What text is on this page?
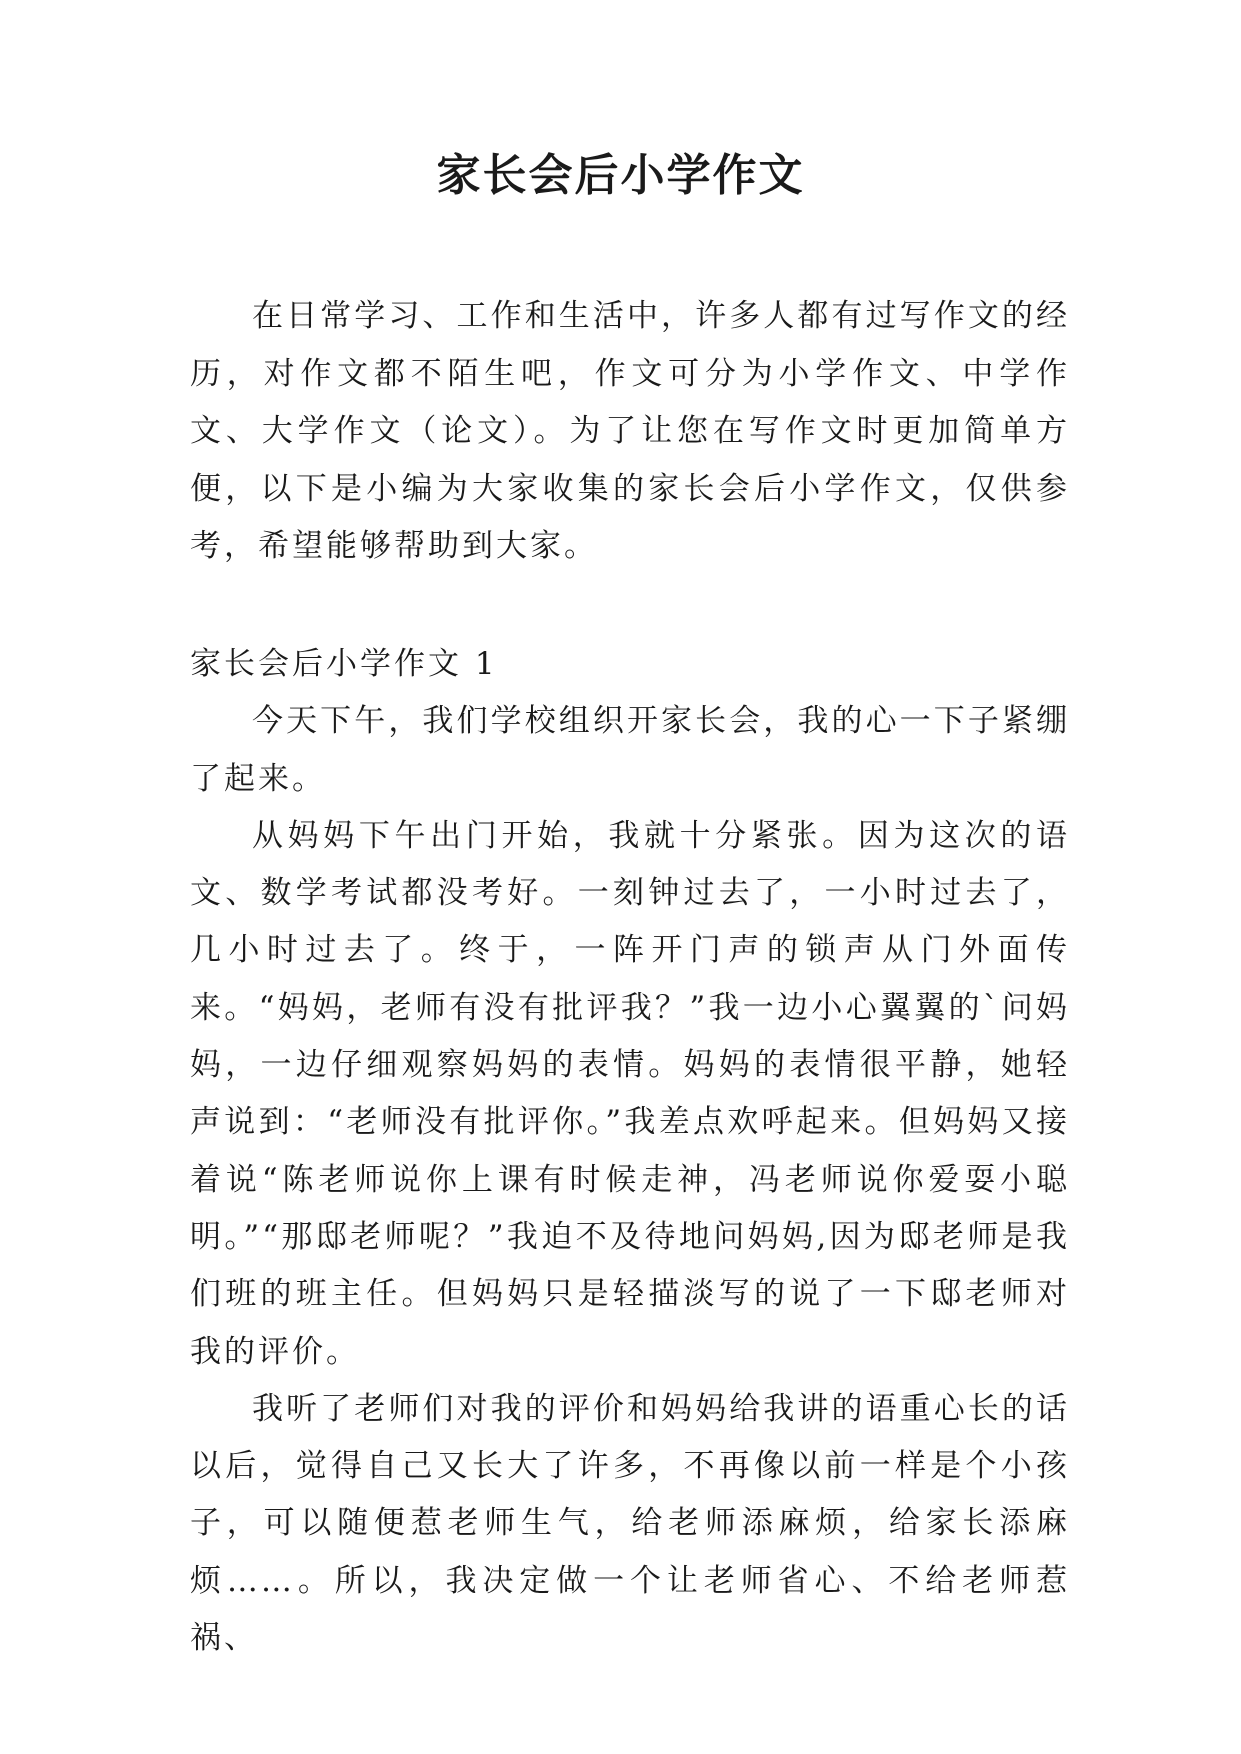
家长会后小学作文

在日常学习、工作和生活中，许多人都有过写作文的经历，对作文都不陌生吧，作文可分为小学作文、中学作文、大学作文（论文）。为了让您在写作文时更加简单方便，以下是小编为大家收集的家长会后小学作文，仅供参考，希望能够帮助到大家。

家长会后小学作文 1

今天下午，我们学校组织开家长会，我的心一下子紧绷了起来。

从妈妈下午出门开始，我就十分紧张。因为这次的语文、数学考试都没考好。一刻钟过去了，一小时过去了，几小时过去了。终于，一阵开门声的锁声从门外面传来。“妈妈，老师有没有批评我？”我一边小心翼翼的`问妈妈，一边仔细观察妈妈的表情。妈妈的表情很平静，她轻声说到：“老师没有批评你。”我差点欢呼起来。但妈妈又接着说“陈老师说你上课有时候走神，冯老师说你爱耍小聪明。”“那邸老师呢？”我迫不及待地问妈妈,因为邸老师是我们班的班主任。但妈妈只是轻描淡写的说了一下邸老师对我的评价。

我听了老师们对我的评价和妈妈给我讲的语重心长的话以后，觉得自己又长大了许多，不再像以前一样是个小孩子，可以随便惹老师生气，给老师添麻烦，给家长添麻烦……。所以，我决定做一个让老师省心、不给老师惹祸、
